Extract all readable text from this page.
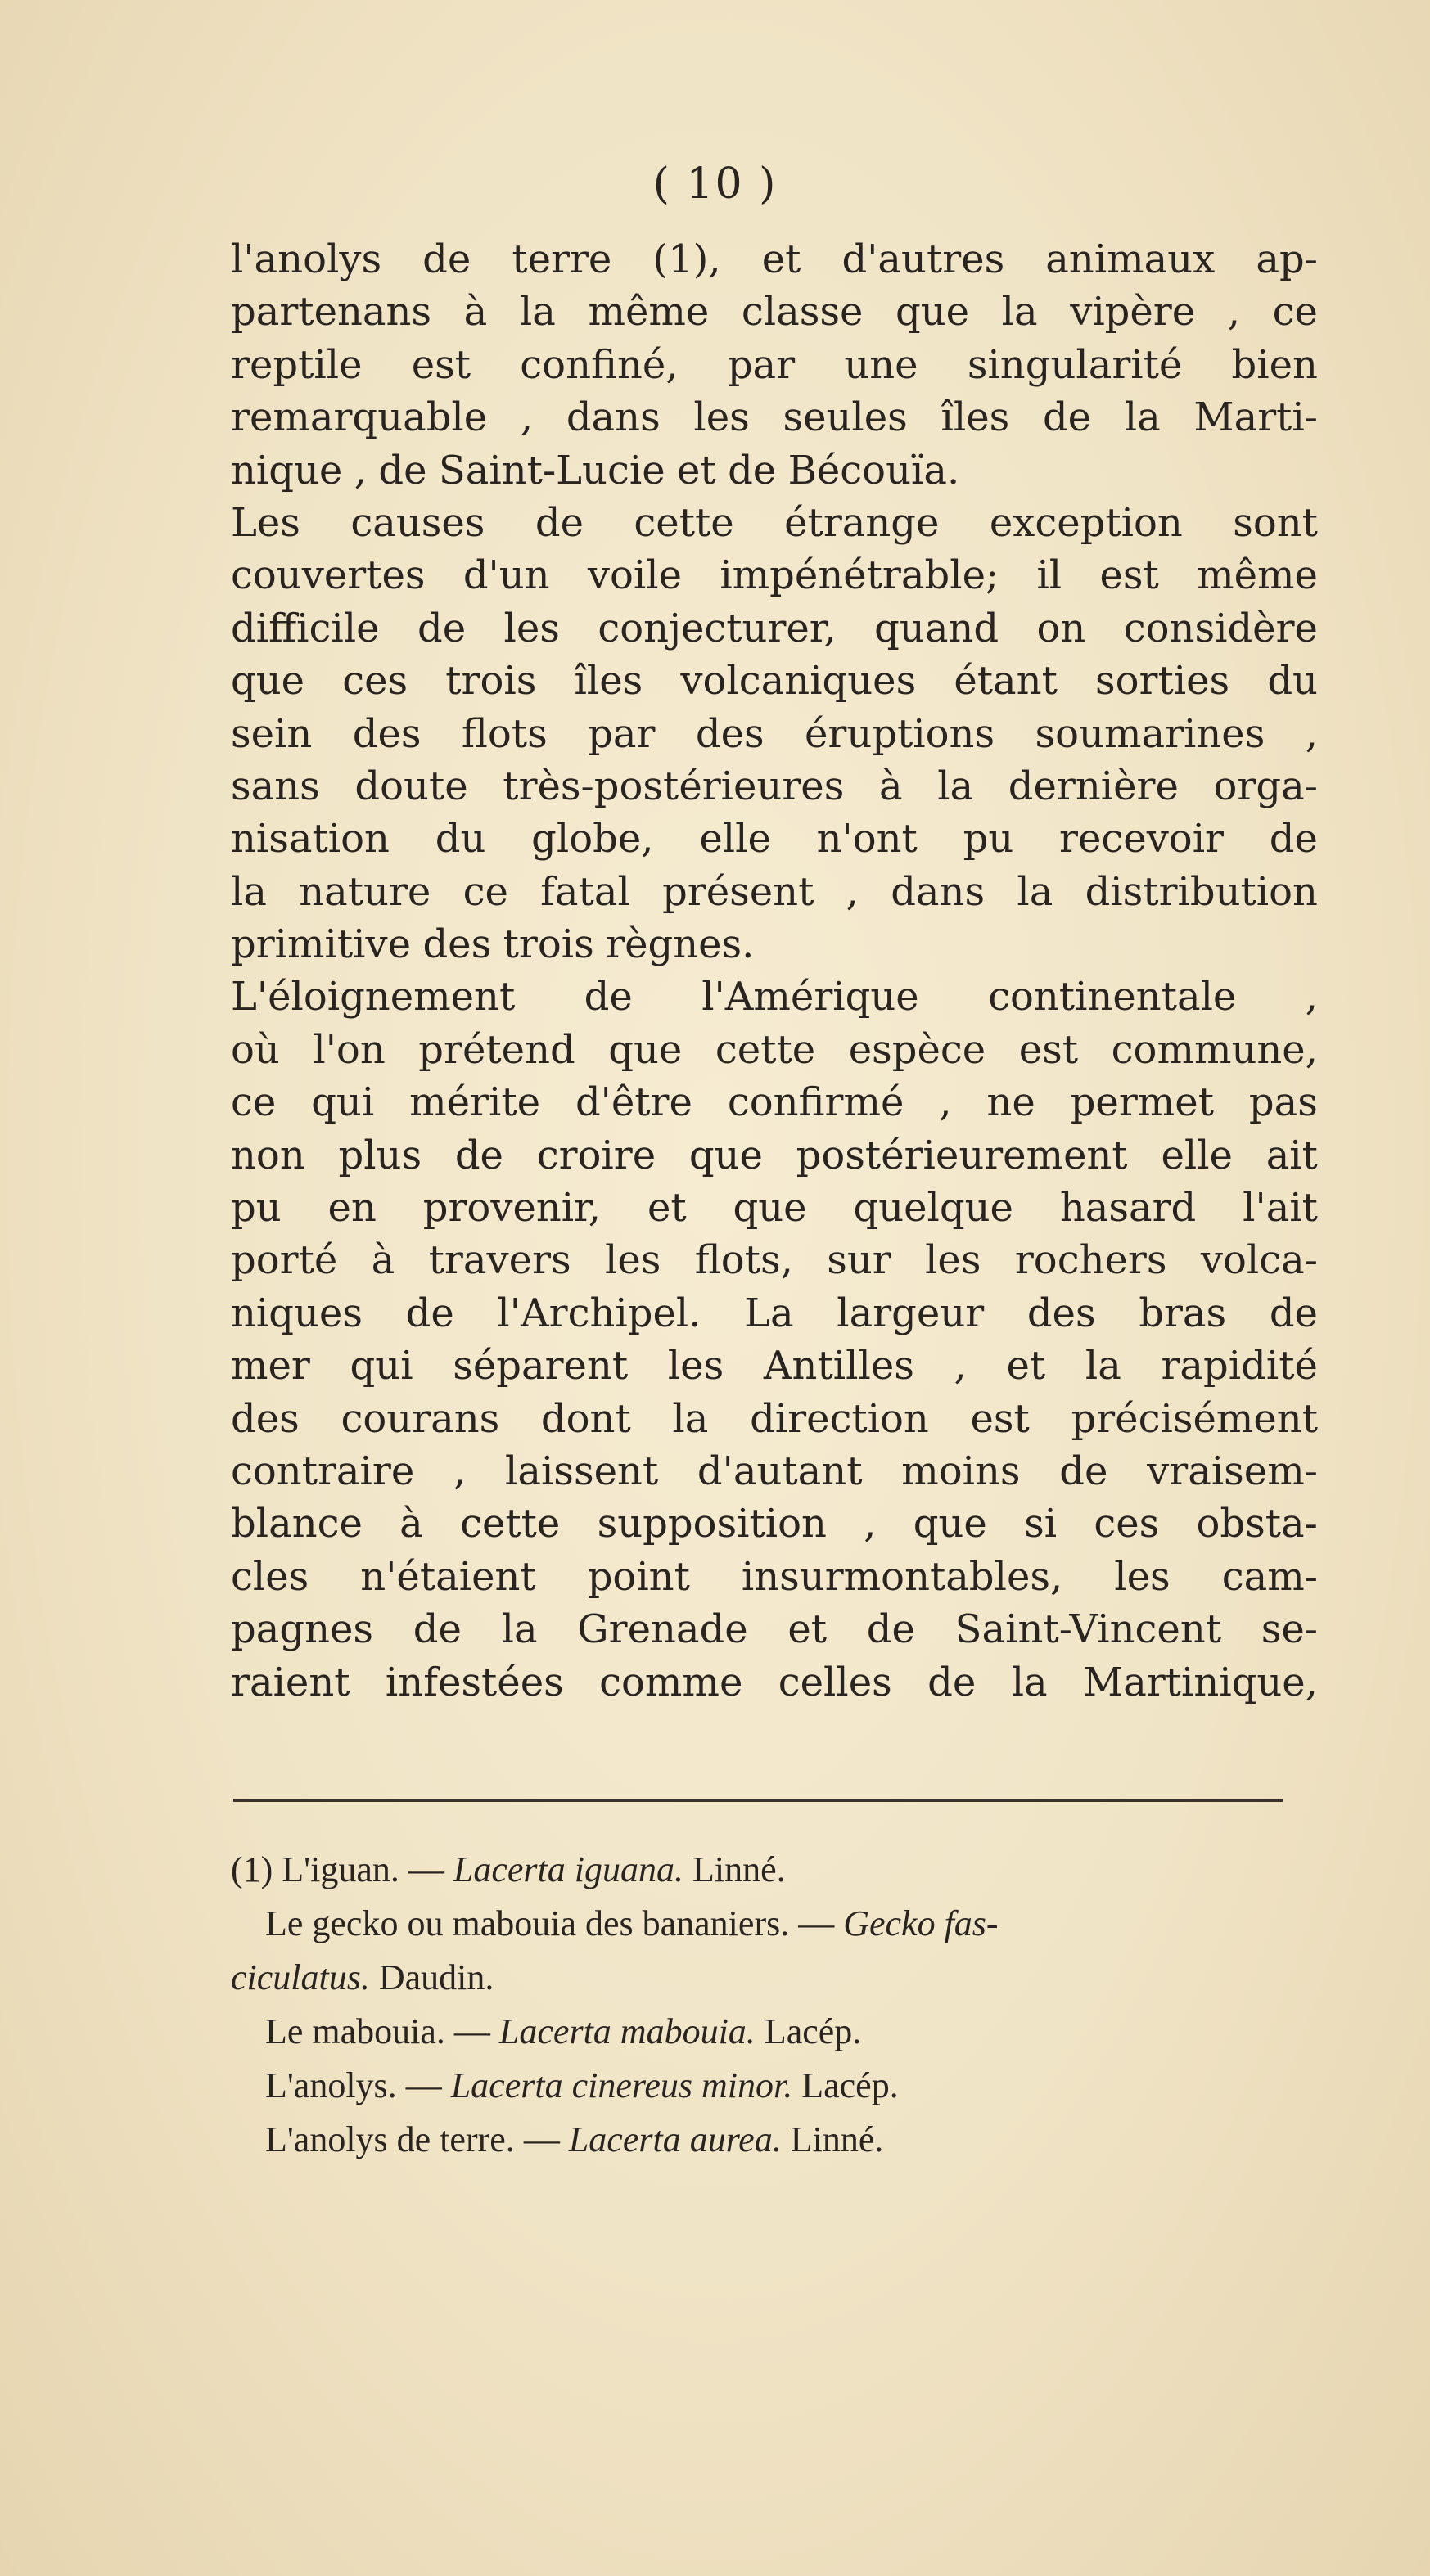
( 10 )
l'anolys de terre (1), et d'autres animaux ap-
partenans à la même classe que la vipère , ce
reptile est confiné, par une singularité bien
remarquable , dans les seules îles de la Marti-
nique , de Saint-Lucie et de Bécouïa.
Les causes de cette étrange exception sont
couvertes d'un voile impénétrable; il est même
difficile de les conjecturer, quand on considère
que ces trois îles volcaniques étant sorties du
sein des flots par des éruptions soumarines ,
sans doute très-postérieures à la dernière orga-
nisation du globe, elle n'ont pu recevoir de
la nature ce fatal présent , dans la distribution
primitive des trois règnes.
L'éloignement de l'Amérique continentale ,
où l'on prétend que cette espèce est commune,
ce qui mérite d'être confirmé , ne permet pas
non plus de croire que postérieurement elle ait
pu en provenir, et que quelque hasard l'ait
porté à travers les flots, sur les rochers volca-
niques de l'Archipel. La largeur des bras de
mer qui séparent les Antilles , et la rapidité
des courans dont la direction est précisément
contraire , laissent d'autant moins de vraisem-
blance à cette supposition , que si ces obsta-
cles n'étaient point insurmontables, les cam-
pagnes de la Grenade et de Saint-Vincent se-
raient infestées comme celles de la Martinique,
(1) L'iguan. — Lacerta iguana. Linné.
Le gecko ou mabouia des bananiers. — Gecko fas-
ciculatus. Daudin.
Le mabouia. — Lacerta mabouia. Lacép.
L'anolys. — Lacerta cinereus minor. Lacép.
L'anolys de terre. — Lacerta aurea. Linné.
